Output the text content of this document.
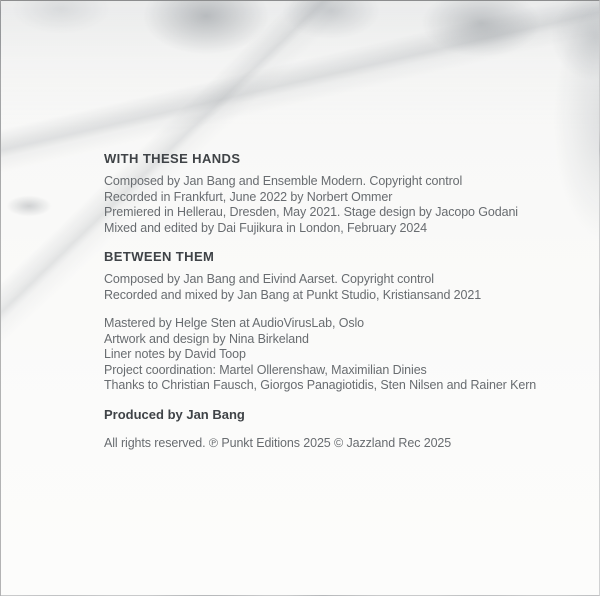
WITH THESE HANDS

Composed by Jan Bang and Ensemble Modern. Copyright control
Recorded in Frankfurt, June 2022 by Norbert Ommer
Premiered in Hellerau, Dresden, May 2021. Stage design by Jacopo Godani
Mixed and edited by Dai Fujikura in London, February 2024

BETWEEN THEM

Composed by Jan Bang and Eivind Aarset. Copyright control
Recorded and mixed by Jan Bang at Punkt Studio, Kristiansand 2021

Mastered by Helge Sten at AudioVirusLab, Oslo
Artwork and design by Nina Birkeland
Liner notes by David Toop
Project coordination: Martel Ollerenshaw, Maximilian Dinies
Thanks to Christian Fausch, Giorgos Panagiotidis, Sten Nilsen and Rainer Kern

Produced by Jan Bang

All rights reserved. ℗ Punkt Editions 2025 © Jazzland Rec 2025
